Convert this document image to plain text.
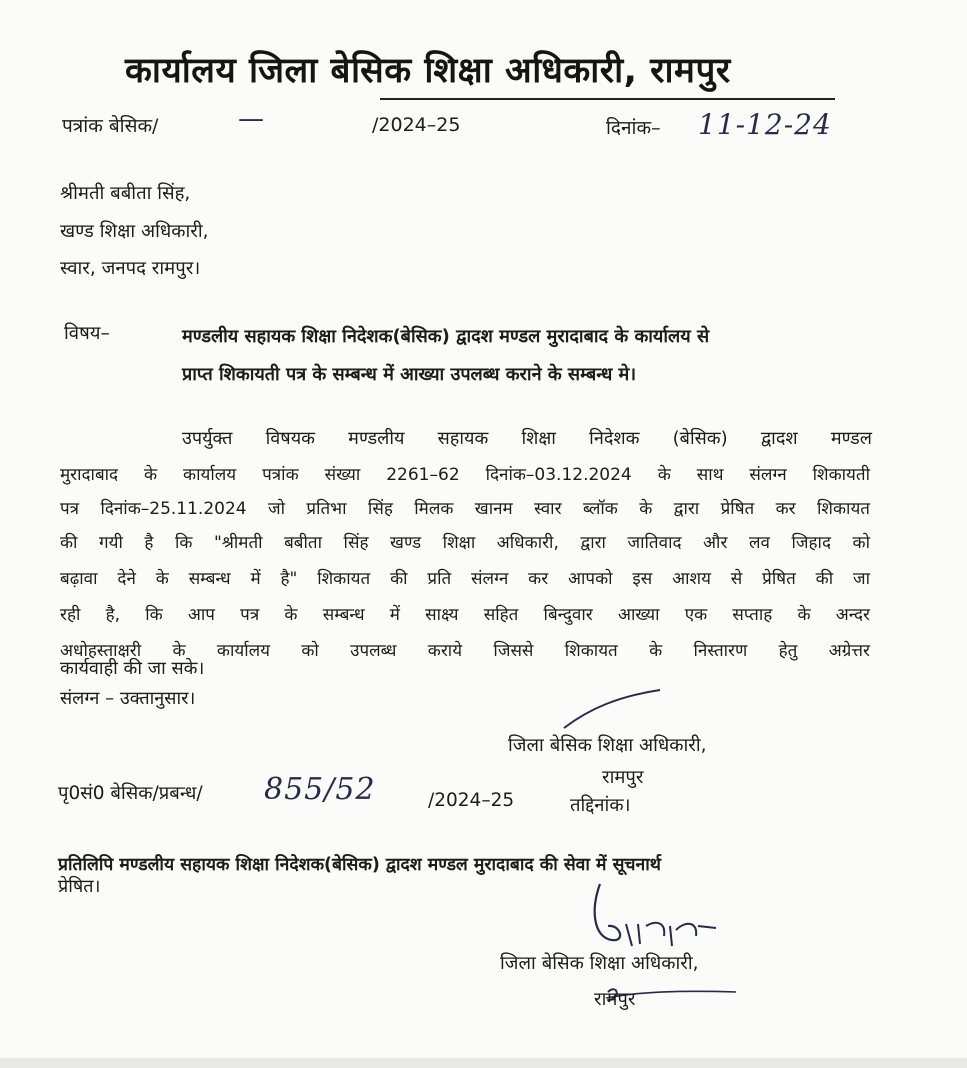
कार्यालय जिला बेसिक शिक्षा अधिकारी, रामपुर
पत्रांक बेसिक/	—	/2024–25	दिनांक– 11-12-24
श्रीमती बबीता सिंह,
खण्ड शिक्षा अधिकारी,
स्वार, जनपद रामपुर।
विषय–	मण्डलीय सहायक शिक्षा निदेशक(बेसिक) द्वादश मण्डल मुरादाबाद के कार्यालय से
प्राप्त शिकायती पत्र के सम्बन्ध में आख्या उपलब्ध कराने के सम्बन्ध मे।
उपर्युक्त विषयक मण्डलीय सहायक शिक्षा निदेशक (बेसिक) द्वादश मण्डल
मुरादाबाद के कार्यालय पत्रांक संख्या 2261–62 दिनांक–03.12.2024 के साथ संलग्न शिकायती
पत्र दिनांक–25.11.2024 जो प्रतिभा सिंह मिलक खानम स्वार ब्लॉक के द्वारा प्रेषित कर शिकायत
की गयी है कि "श्रीमती बबीता सिंह खण्ड शिक्षा अधिकारी, द्वारा जातिवाद और लव जिहाद को
बढ़ावा देने के सम्बन्ध में है" शिकायत की प्रति संलग्न कर आपको इस आशय से प्रेषित की जा
रही है, कि आप पत्र के सम्बन्ध में साक्ष्य सहित बिन्दुवार आख्या एक सप्ताह के अन्दर
अधोहस्ताक्षरी के कार्यालय को उपलब्ध कराये जिससे शिकायत के निस्तारण हेतु अग्रेत्तर
कार्यवाही की जा सके।
संलग्न – उक्तानुसार।
जिला बेसिक शिक्षा अधिकारी,
रामपुर
पृ0सं0 बेसिक/प्रबन्ध/ 855/52	/2024–25	तद्दिनांक।
प्रतिलिपि मण्डलीय सहायक शिक्षा निदेशक(बेसिक) द्वादश मण्डल मुरादाबाद की सेवा में सूचनार्थ
प्रेषित।
जिला बेसिक शिक्षा अधिकारी,
रामपुर
